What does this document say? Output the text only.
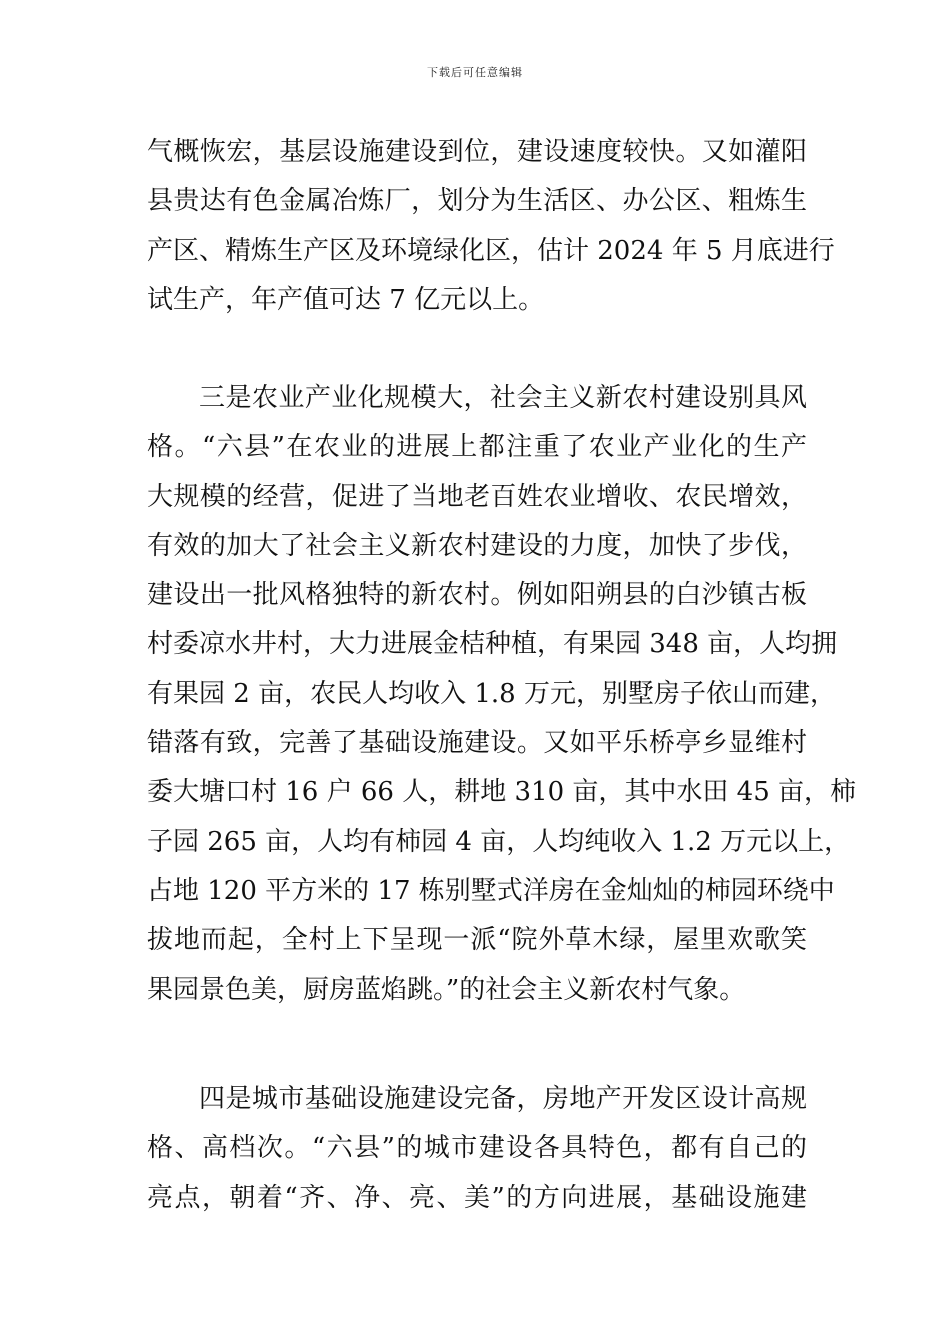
下载后可任意编辑
气概恢宏，基层设施建设到位，建设速度较快。又如灌阳
县贵达有色金属冶炼厂，划分为生活区、办公区、粗炼生
产区、精炼生产区及环境绿化区，估计 2024 年 5 月底进行
试生产，年产值可达 7 亿元以上。
三是农业产业化规模大，社会主义新农村建设别具风
格。“六县”在农业的进展上都注重了农业产业化的生产
大规模的经营，促进了当地老百姓农业增收、农民增效，
有效的加大了社会主义新农村建设的力度，加快了步伐，
建设出一批风格独特的新农村。例如阳朔县的白沙镇古板
村委凉水井村，大力进展金桔种植，有果园 348 亩，人均拥
有果园 2 亩，农民人均收入 1.8 万元，别墅房子依山而建，
错落有致，完善了基础设施建设。又如平乐桥亭乡显维村
委大塘口村 16 户 66 人，耕地 310 亩，其中水田 45 亩，柿
子园 265 亩，人均有柿园 4 亩，人均纯收入 1.2 万元以上，
占地 120 平方米的 17 栋别墅式洋房在金灿灿的柿园环绕中
拔地而起，全村上下呈现一派“院外草木绿，屋里欢歌笑
果园景色美，厨房蓝焰跳。”的社会主义新农村气象。
四是城市基础设施建设完备，房地产开发区设计高规
格、高档次。“六县”的城市建设各具特色，都有自己的
亮点，朝着“齐、净、亮、美”的方向进展，基础设施建
